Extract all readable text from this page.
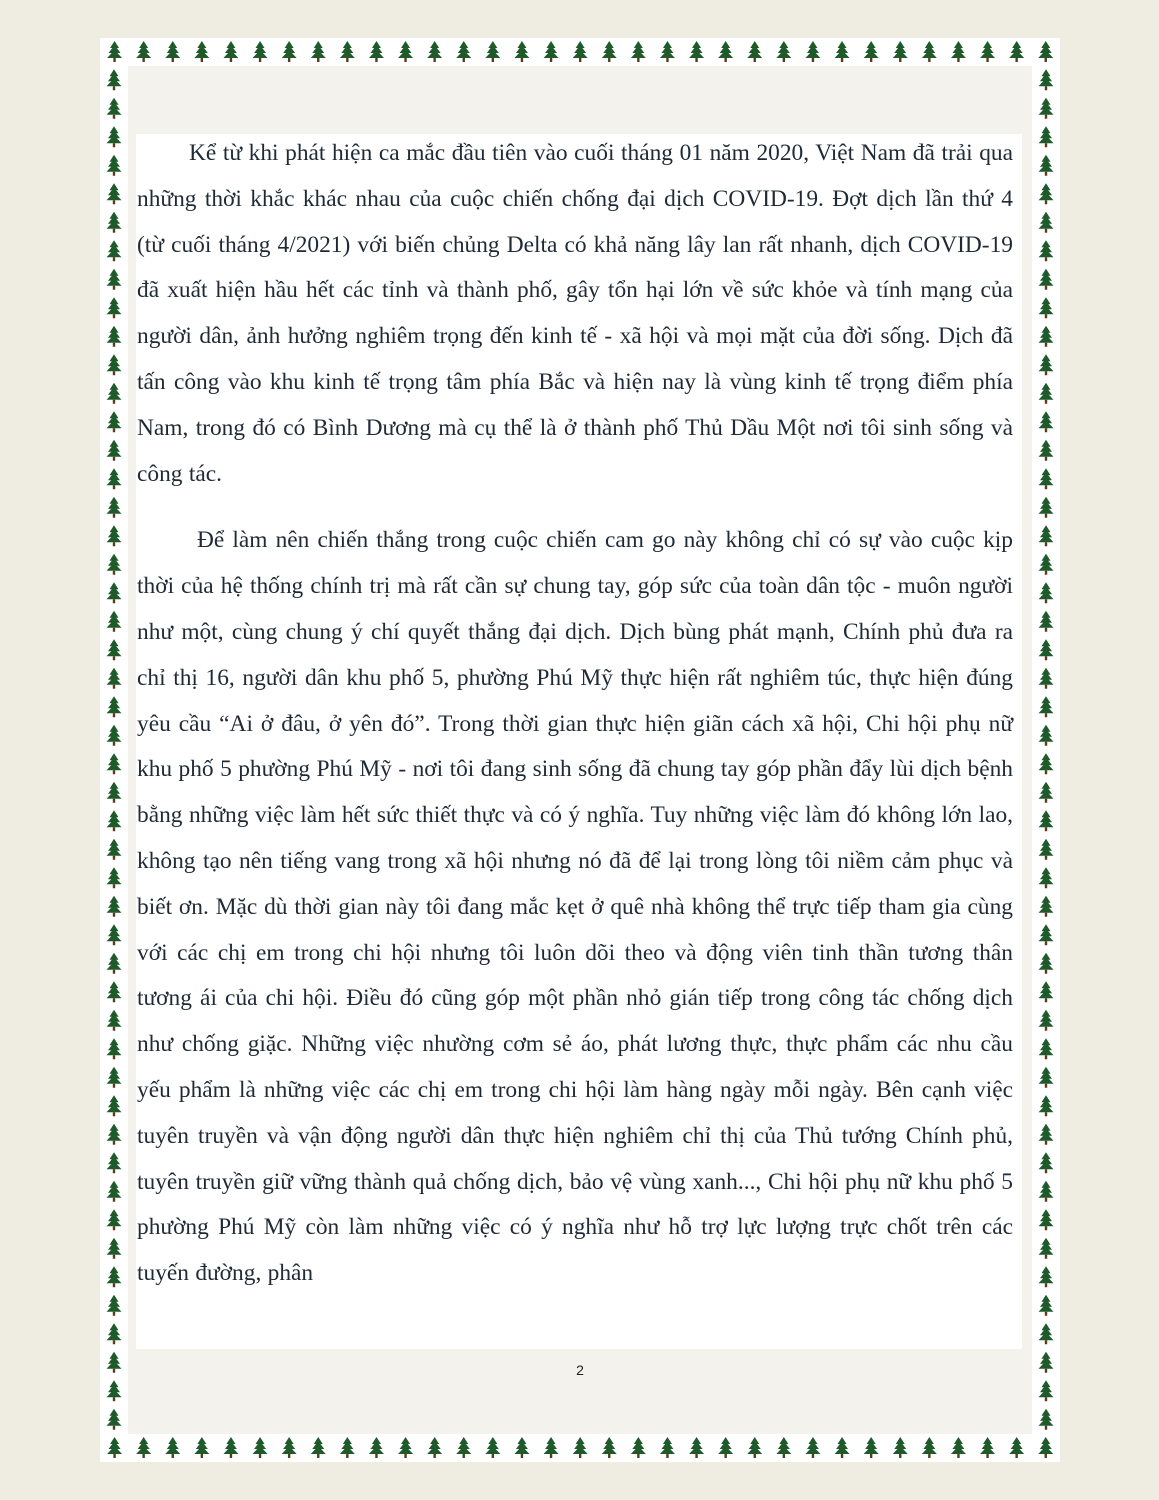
Kể từ khi phát hiện ca mắc đầu tiên vào cuối tháng 01 năm 2020, Việt Nam đã trải qua những thời khắc khác nhau của cuộc chiến chống đại dịch COVID-19. Đợt dịch lần thứ 4 (từ cuối tháng 4/2021) với biến chủng Delta có khả năng lây lan rất nhanh, dịch COVID-19 đã xuất hiện hầu hết các tỉnh và thành phố, gây tổn hại lớn về sức khỏe và tính mạng của người dân, ảnh hưởng nghiêm trọng đến kinh tế - xã hội và mọi mặt của đời sống. Dịch đã tấn công vào khu kinh tế trọng tâm phía Bắc và hiện nay là vùng kinh tế trọng điểm phía Nam, trong đó có Bình Dương mà cụ thể là ở thành phố Thủ Dầu Một nơi tôi sinh sống và công tác.

Để làm nên chiến thắng trong cuộc chiến cam go này không chỉ có sự vào cuộc kịp thời của hệ thống chính trị mà rất cần sự chung tay, góp sức của toàn dân tộc - muôn người như một, cùng chung ý chí quyết thắng đại dịch. Dịch bùng phát mạnh, Chính phủ đưa ra chỉ thị 16, người dân khu phố 5, phường Phú Mỹ thực hiện rất nghiêm túc, thực hiện đúng yêu cầu “Ai ở đâu, ở yên đó”. Trong thời gian thực hiện giãn cách xã hội, Chi hội phụ nữ khu phố 5 phường Phú Mỹ - nơi tôi đang sinh sống đã chung tay góp phần đẩy lùi dịch bệnh bằng những việc làm hết sức thiết thực và có ý nghĩa. Tuy những việc làm đó không lớn lao, không tạo nên tiếng vang trong xã hội nhưng nó đã để lại trong lòng tôi niềm cảm phục và biết ơn. Mặc dù thời gian này tôi đang mắc kẹt ở quê nhà không thể trực tiếp tham gia cùng với các chị em trong chi hội nhưng tôi luôn dõi theo và động viên tinh thần tương thân tương ái của chi hội. Điều đó cũng góp một phần nhỏ gián tiếp trong công tác chống dịch như chống giặc. Những việc nhường cơm sẻ áo, phát lương thực, thực phẩm các nhu cầu yếu phẩm là những việc các chị em trong chi hội làm hàng ngày mỗi ngày. Bên cạnh việc tuyên truyền và vận động người dân thực hiện nghiêm chỉ thị của Thủ tướng Chính phủ, tuyên truyền giữ vững thành quả chống dịch, bảo vệ vùng xanh..., Chi hội phụ nữ khu phố 5 phường Phú Mỹ còn làm những việc có ý nghĩa như hỗ trợ lực lượng trực chốt trên các tuyến đường, phân

2
